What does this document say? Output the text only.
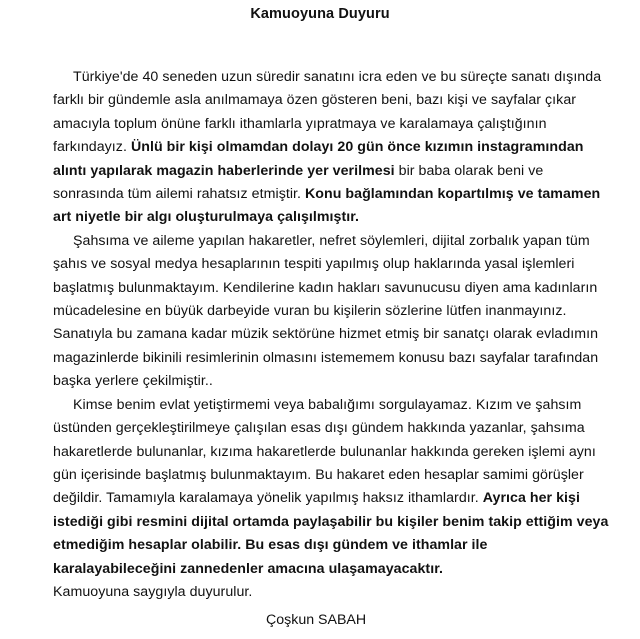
Kamuoyuna Duyuru

Türkiye'de 40 seneden uzun süredir sanatını icra eden ve bu süreçte sanatı dışında farklı bir gündemle asla anılmamaya özen gösteren beni, bazı kişi ve sayfalar çıkar amacıyla toplum önüne farklı ithamlarla yıpratmaya ve karalamaya çalıştığının farkındayız. Ünlü bir kişi olmamdan dolayı 20 gün önce kızımın instagramından alıntı yapılarak magazin haberlerinde yer verilmesi bir baba olarak beni ve sonrasında tüm ailemi rahatsız etmiştir. Konu bağlamından kopartılmış ve tamamen art niyetle bir algı oluşturulmaya çalışılmıştır.

Şahsıma ve aileme yapılan hakaretler, nefret söylemleri, dijital zorbalık yapan tüm şahıs ve sosyal medya hesaplarının tespiti yapılmış olup haklarında yasal işlemleri başlatmış bulunmaktayım. Kendilerine kadın hakları savunucusu diyen ama kadınların mücadelesine en büyük darbeyide vuran bu kişilerin sözlerine lütfen inanmayınız. Sanatıyla bu zamana kadar müzik sektörüne hizmet etmiş bir sanatçı olarak evladımın magazinlerde bikinili resimlerinin olmasını istememem konusu bazı sayfalar tarafından başka yerlere çekilmiştir..

Kimse benim evlat yetiştirmemi veya babalığımı sorgulayamaz. Kızım ve şahsım üstünden gerçekleştirilmeye çalışılan esas dışı gündem hakkında yazanlar, şahsıma hakaretlerde bulunanlar, kızıma hakaretlerde bulunanlar hakkında gereken işlemi aynı gün içerisinde başlatmış bulunmaktayım. Bu hakaret eden hesaplar samimi görüşler değildir. Tamamıyla karalamaya yönelik yapılmış haksız ithamlardır. Ayrıca her kişi istediği gibi resmini dijital ortamda paylaşabilir bu kişiler benim takip ettiğim veya etmediğim hesaplar olabilir. Bu esas dışı gündem ve ithamlar ile karalayabileceğini zannedenler amacına ulaşamayacaktır.

Kamuoyuna saygıyla duyurulur.

Çoşkun SABAH
